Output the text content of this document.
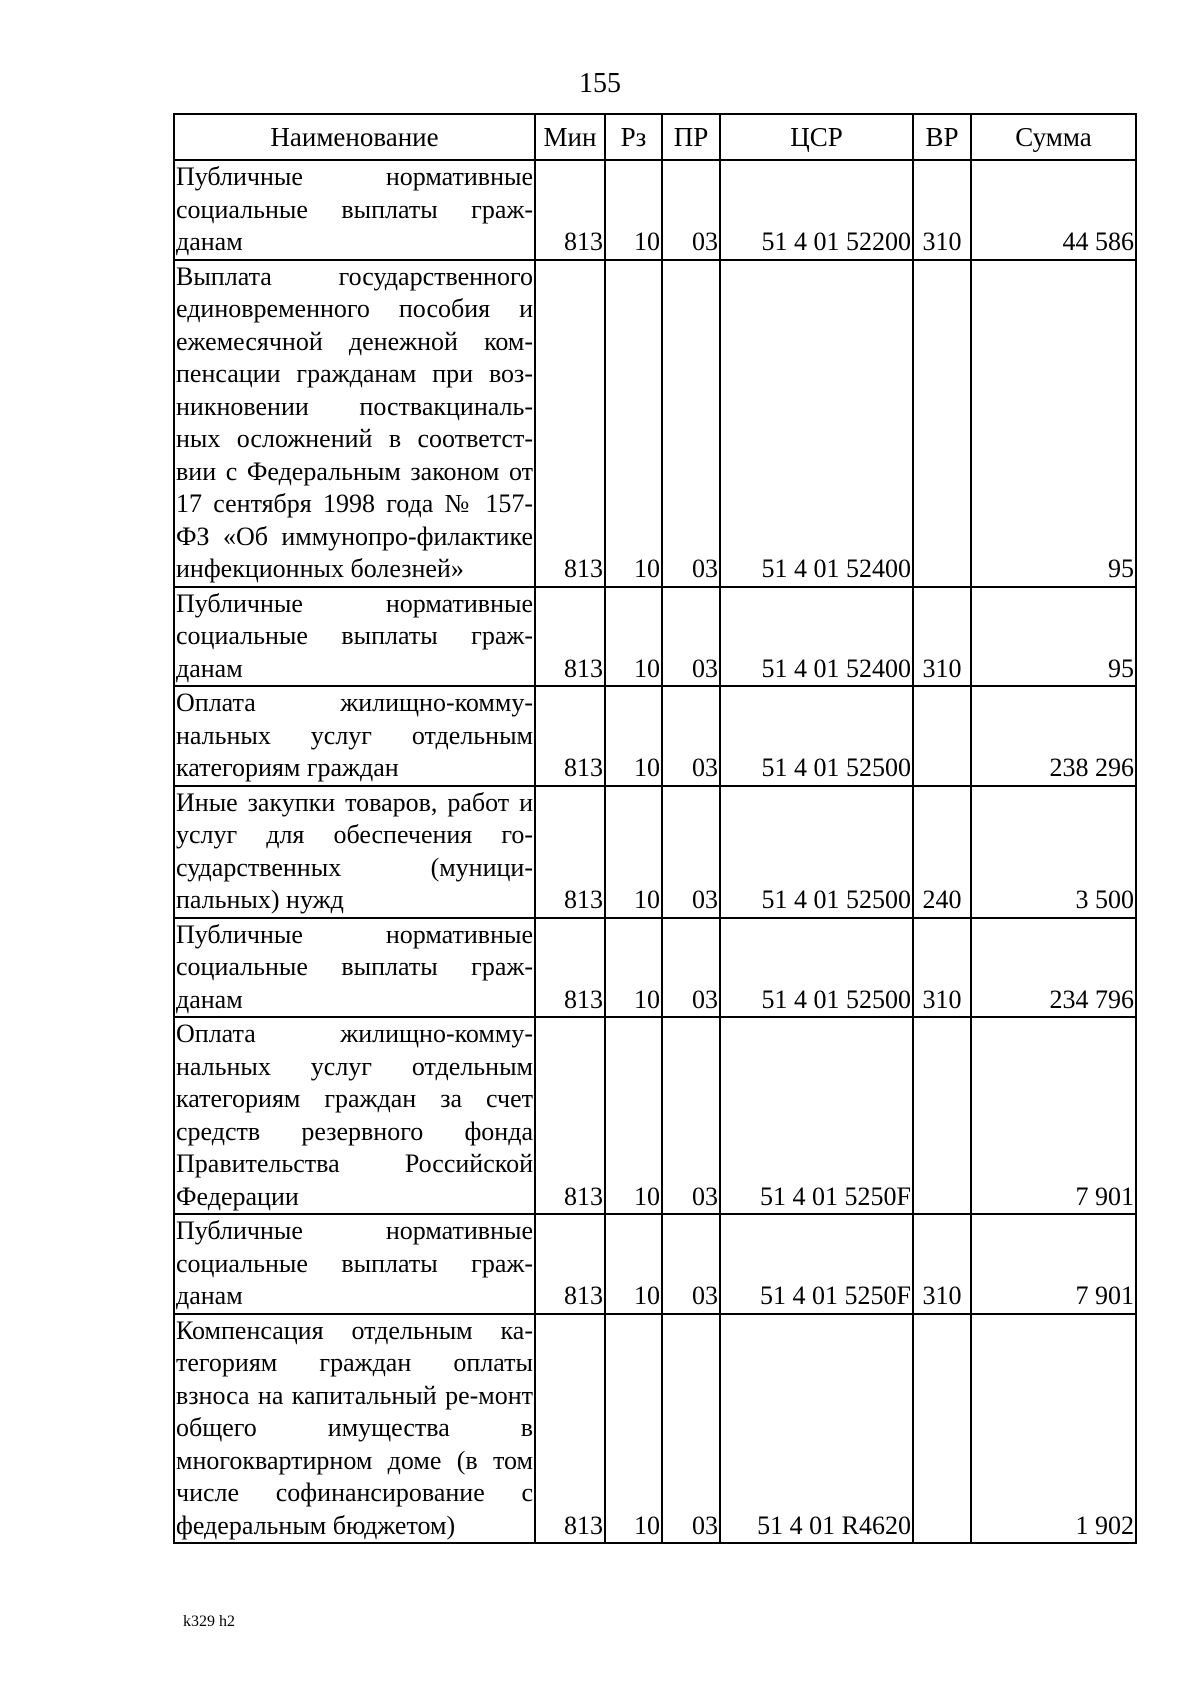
155
Наименование	Мин	Рз	ПР	ЦСР	ВР	Сумма
Публичные нормативные социальные выплаты граж-данам	813	10	03	51 4 01 52200	310	44 586
Выплата государственного единовременного пособия и ежемесячной денежной ком-пенсации гражданам при воз-никновении поствакциналь-ных осложнений в соответст-вии с Федеральным законом от 17 сентября 1998 года № 157-ФЗ «Об иммунопро-филактике инфекционных болезней»	813	10	03	51 4 01 52400		95
Публичные нормативные социальные выплаты граж-данам	813	10	03	51 4 01 52400	310	95
Оплата жилищно-комму-нальных услуг отдельным категориям граждан	813	10	03	51 4 01 52500		238 296
Иные закупки товаров, работ и услуг для обеспечения го-сударственных (муници-пальных) нужд	813	10	03	51 4 01 52500	240	3 500
Публичные нормативные социальные выплаты граж-данам	813	10	03	51 4 01 52500	310	234 796
Оплата жилищно-комму-нальных услуг отдельным категориям граждан за счет средств резервного фонда Правительства Российской Федерации	813	10	03	51 4 01 5250F		7 901
Публичные нормативные социальные выплаты граж-данам	813	10	03	51 4 01 5250F	310	7 901
Компенсация отдельным ка-тегориям граждан оплаты взноса на капитальный ре-монт общего имущества в многоквартирном доме (в том числе софинансирование с федеральным бюджетом)	813	10	03	51 4 01 R4620		1 902
k329 h2
